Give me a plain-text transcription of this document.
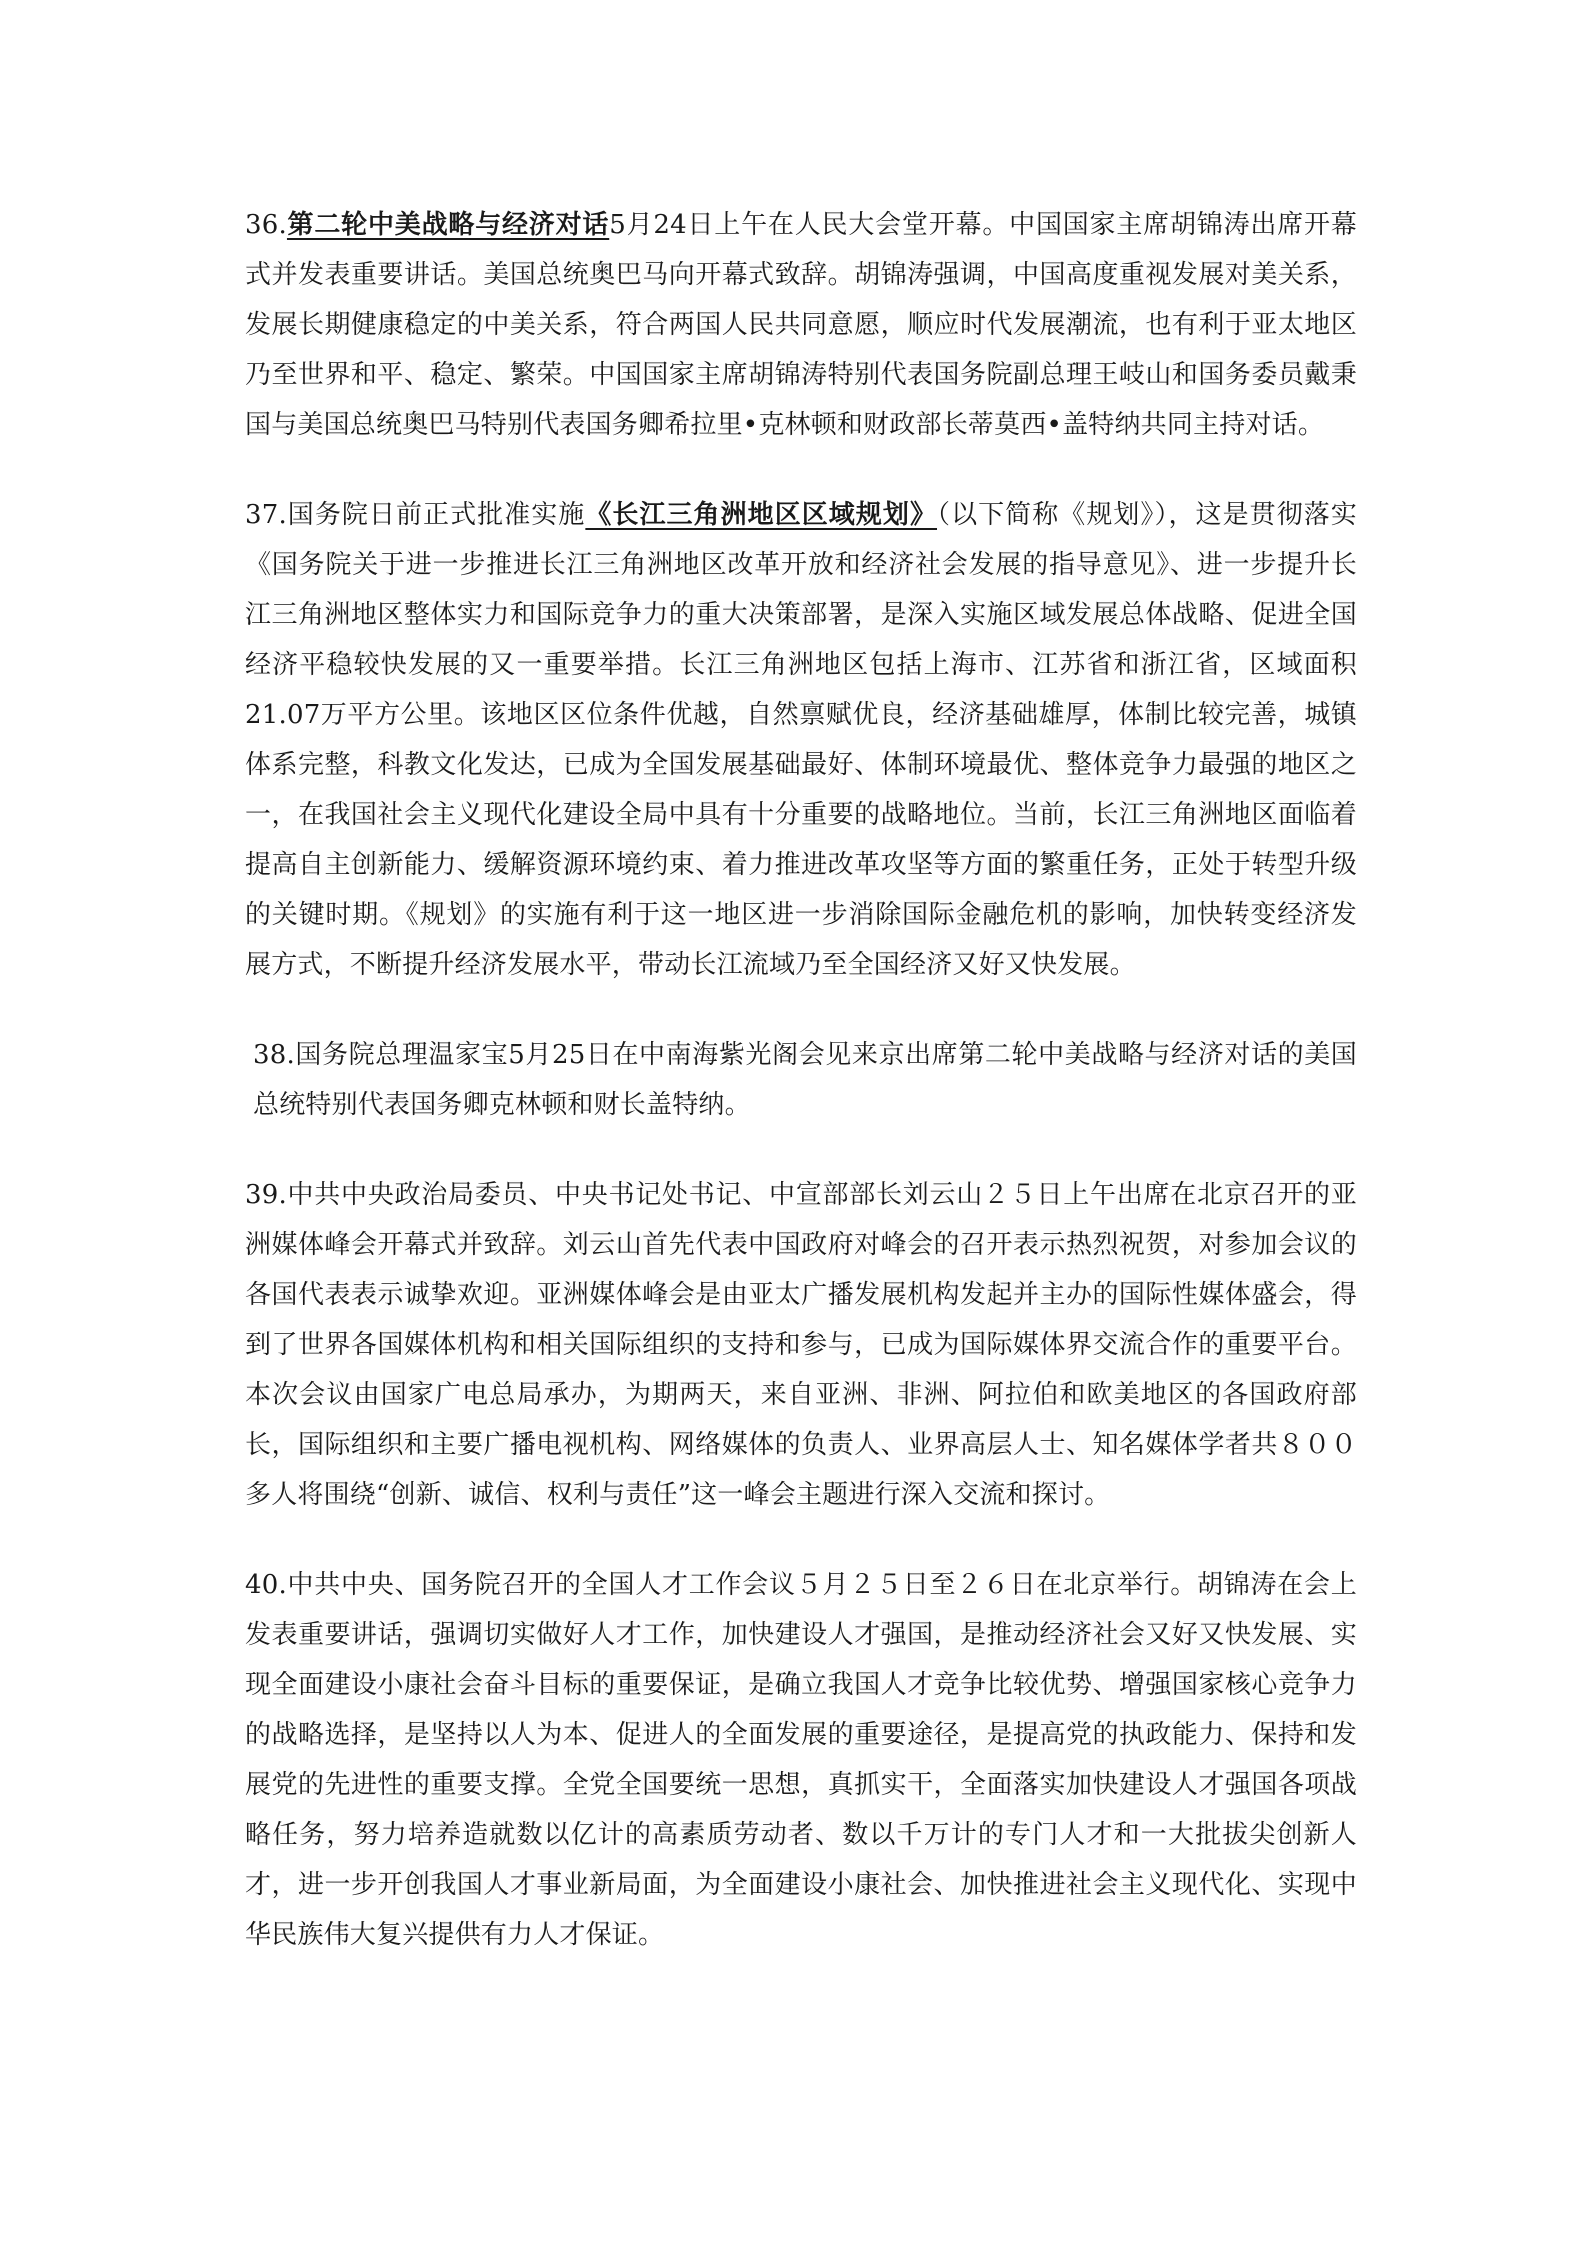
36.第二轮中美战略与经济对话5月24日上午在人民大会堂开幕。中国国家主席胡锦涛出席开幕式并发表重要讲话。美国总统奥巴马向开幕式致辞。胡锦涛强调，中国高度重视发展对美关系，发展长期健康稳定的中美关系，符合两国人民共同意愿，顺应时代发展潮流，也有利于亚太地区乃至世界和平、稳定、繁荣。中国国家主席胡锦涛特别代表国务院副总理王岐山和国务委员戴秉国与美国总统奥巴马特别代表国务卿希拉里•克林顿和财政部长蒂莫西•盖特纳共同主持对话。

37.国务院日前正式批准实施《长江三角洲地区区域规划》（以下简称《规划》），这是贯彻落实《国务院关于进一步推进长江三角洲地区改革开放和经济社会发展的指导意见》、进一步提升长江三角洲地区整体实力和国际竞争力的重大决策部署，是深入实施区域发展总体战略、促进全国经济平稳较快发展的又一重要举措。长江三角洲地区包括上海市、江苏省和浙江省，区域面积21.07万平方公里。该地区区位条件优越，自然禀赋优良，经济基础雄厚，体制比较完善，城镇体系完整，科教文化发达，已成为全国发展基础最好、体制环境最优、整体竞争力最强的地区之一，在我国社会主义现代化建设全局中具有十分重要的战略地位。当前，长江三角洲地区面临着提高自主创新能力、缓解资源环境约束、着力推进改革攻坚等方面的繁重任务，正处于转型升级的关键时期。《规划》的实施有利于这一地区进一步消除国际金融危机的影响，加快转变经济发展方式，不断提升经济发展水平，带动长江流域乃至全国经济又好又快发展。

38.国务院总理温家宝5月25日在中南海紫光阁会见来京出席第二轮中美战略与经济对话的美国总统特别代表国务卿克林顿和财长盖特纳。

39.中共中央政治局委员、中央书记处书记、中宣部部长刘云山２５日上午出席在北京召开的亚洲媒体峰会开幕式并致辞。刘云山首先代表中国政府对峰会的召开表示热烈祝贺，对参加会议的各国代表表示诚挚欢迎。亚洲媒体峰会是由亚太广播发展机构发起并主办的国际性媒体盛会，得到了世界各国媒体机构和相关国际组织的支持和参与，已成为国际媒体界交流合作的重要平台。本次会议由国家广电总局承办，为期两天，来自亚洲、非洲、阿拉伯和欧美地区的各国政府部长，国际组织和主要广播电视机构、网络媒体的负责人、业界高层人士、知名媒体学者共８００多人将围绕“创新、诚信、权利与责任”这一峰会主题进行深入交流和探讨。

40.中共中央、国务院召开的全国人才工作会议５月２５日至２６日在北京举行。胡锦涛在会上发表重要讲话，强调切实做好人才工作，加快建设人才强国，是推动经济社会又好又快发展、实现全面建设小康社会奋斗目标的重要保证，是确立我国人才竞争比较优势、增强国家核心竞争力的战略选择，是坚持以人为本、促进人的全面发展的重要途径，是提高党的执政能力、保持和发展党的先进性的重要支撑。全党全国要统一思想，真抓实干，全面落实加快建设人才强国各项战略任务，努力培养造就数以亿计的高素质劳动者、数以千万计的专门人才和一大批拔尖创新人才，进一步开创我国人才事业新局面，为全面建设小康社会、加快推进社会主义现代化、实现中华民族伟大复兴提供有力人才保证。
